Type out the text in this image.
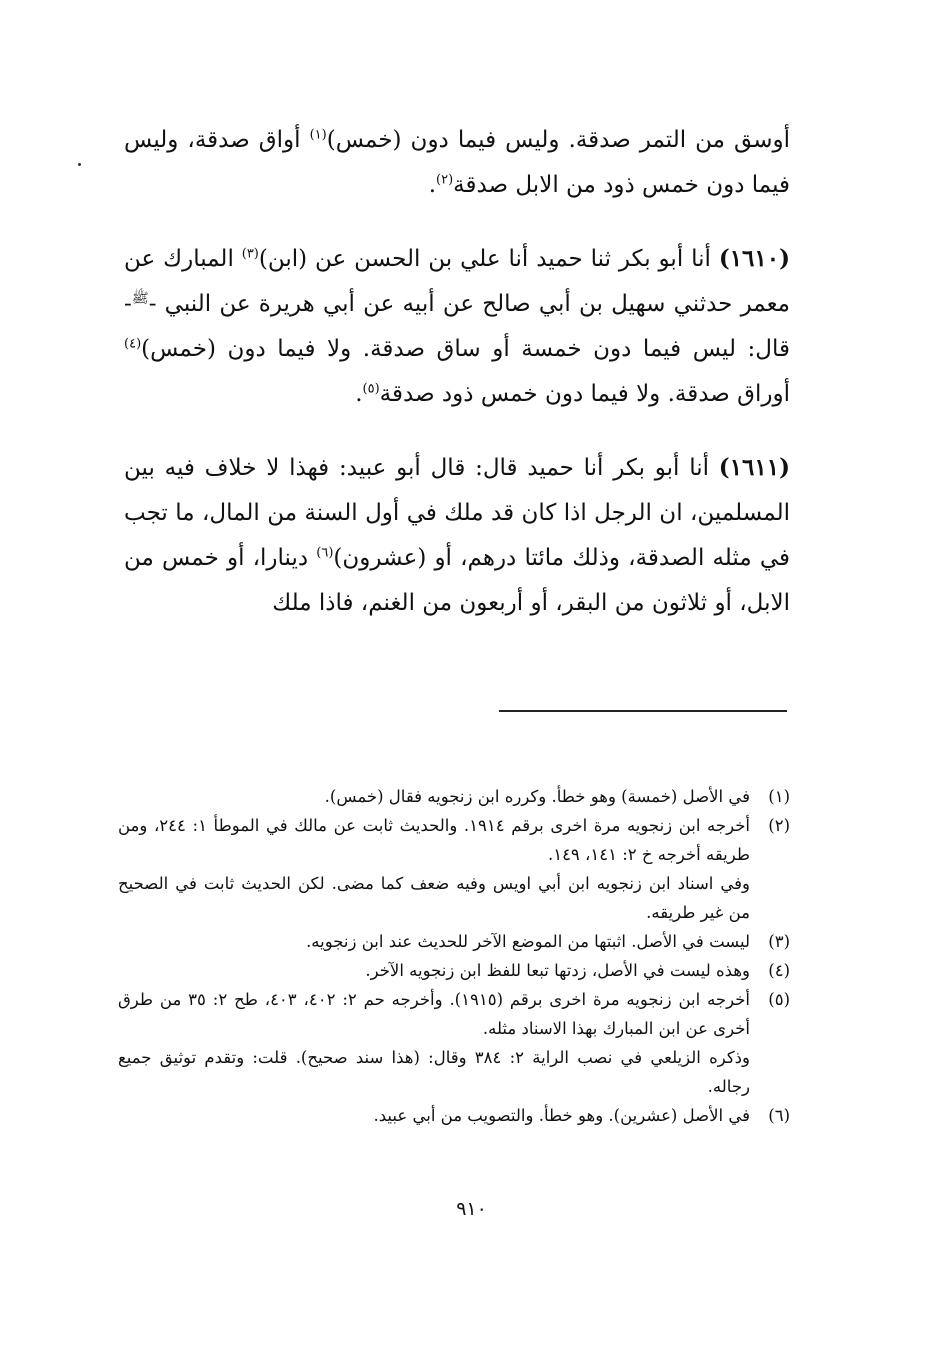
أوسق من التمر صدقة. وليس فيما دون (خمس)$^{(١)}$ أواق صدقة، وليس فيما دون خمس ذود من الابل صدقة$^{(٢)}$.

(١٦١٠) أنا أبو بكر ثنا حميد أنا علي بن الحسن عن (ابن)$^{(٣)}$ المبارك عن معمر حدثني سهيل بن أبي صالح عن أبيه عن أبي هريرة عن النبي -$^ﷺ$- قال: ليس فيما دون خمسة أو ساق صدقة. ولا فيما دون (خمس)$^{(٤)}$ أوراق صدقة. ولا فيما دون خمس ذود صدقة$^{(٥)}$.

(١٦١١) أنا أبو بكر أنا حميد قال: قال أبو عبيد: فهذا لا خلاف فيه بين المسلمين، ان الرجل اذا كان قد ملك في أول السنة من المال، ما تجب في مثله الصدقة، وذلك مائتا درهم، أو (عشرون)$^{(٦)}$ دينارا، أو خمس من الابل، أو ثلاثون من البقر، أو أربعون من الغنم، فاذا ملك

(١)

في الأصل (خمسة) وهو خطأ. وكرره ابن زنجويه فقال (خمس).

(٢)

أخرجه ابن زنجويه مرة اخرى برقم ١٩١٤. والحديث ثابت عن مالك في الموطأ ١: ٢٤٤، ومن طريقه أخرجه خ ٢: ١٤١، ١٤٩.

وفي اسناد ابن زنجويه ابن أبي اويس وفيه ضعف كما مضى. لكن الحديث ثابت في الصحيح من غير طريقه.

(٣)

ليست في الأصل. اثبتها من الموضع الآخر للحديث عند ابن زنجويه.

(٤)

وهذه ليست في الأصل، زدتها تبعا للفظ ابن زنجويه الآخر.

(٥)

أخرجه ابن زنجويه مرة اخرى برقم (١٩١٥). وأخرجه حم ٢: ٤٠٢، ٤٠٣، طح ٢: ٣٥ من طرق أخرى عن ابن المبارك بهذا الاسناد مثله.

وذكره الزيلعي في نصب الراية ٢: ٣٨٤ وقال: (هذا سند صحيح). قلت: وتقدم توثيق جميع رجاله.

(٦)

في الأصل (عشرين). وهو خطأ. والتصويب من أبي عبيد.

٩١٠
